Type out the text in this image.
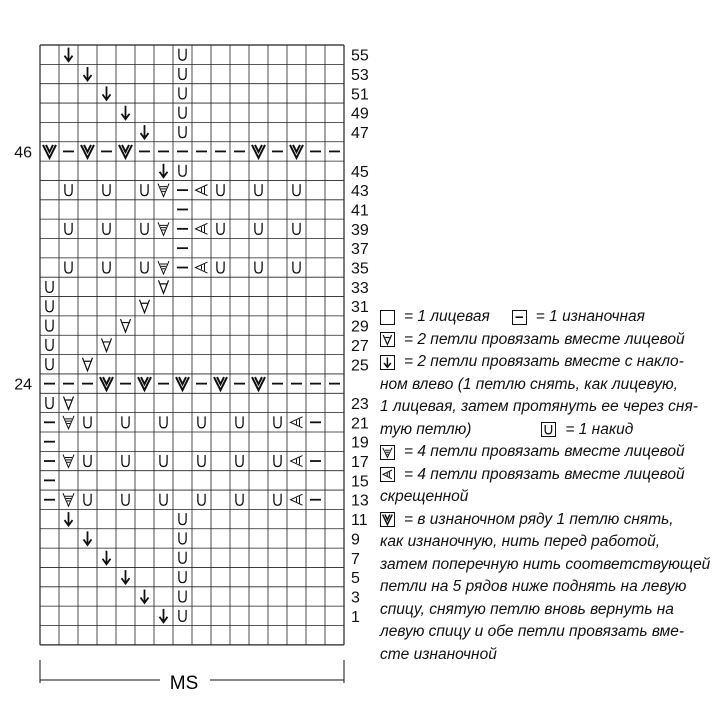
55
53
51
49
47
46
45
43
41
39
37
35
33
31
29
27
25
24
23
21
19
17
15
13
11
9
7
5
3
1
MS
= 1 лицевая	= 1 изнаночная
= 2 петли провязать вместе лицевой
= 2 петли провязать вместе с накло-
ном влево (1 петлю снять, как лицевую,
1 лицевая, затем протянуть ее через сня-
тую петлю)	= 1 накид
= 4 петли провязать вместе лицевой
= 4 петли провязать вместе лицевой
скрещенной
= в изнаночном ряду 1 петлю снять,
как изнаночную, нить перед работой,
затем поперечную нить соответствующей
петли на 5 рядов ниже поднять на левую
спицу, снятую петлю вновь вернуть на
левую спицу и обе петли провязать вме-
сте изнаночной
